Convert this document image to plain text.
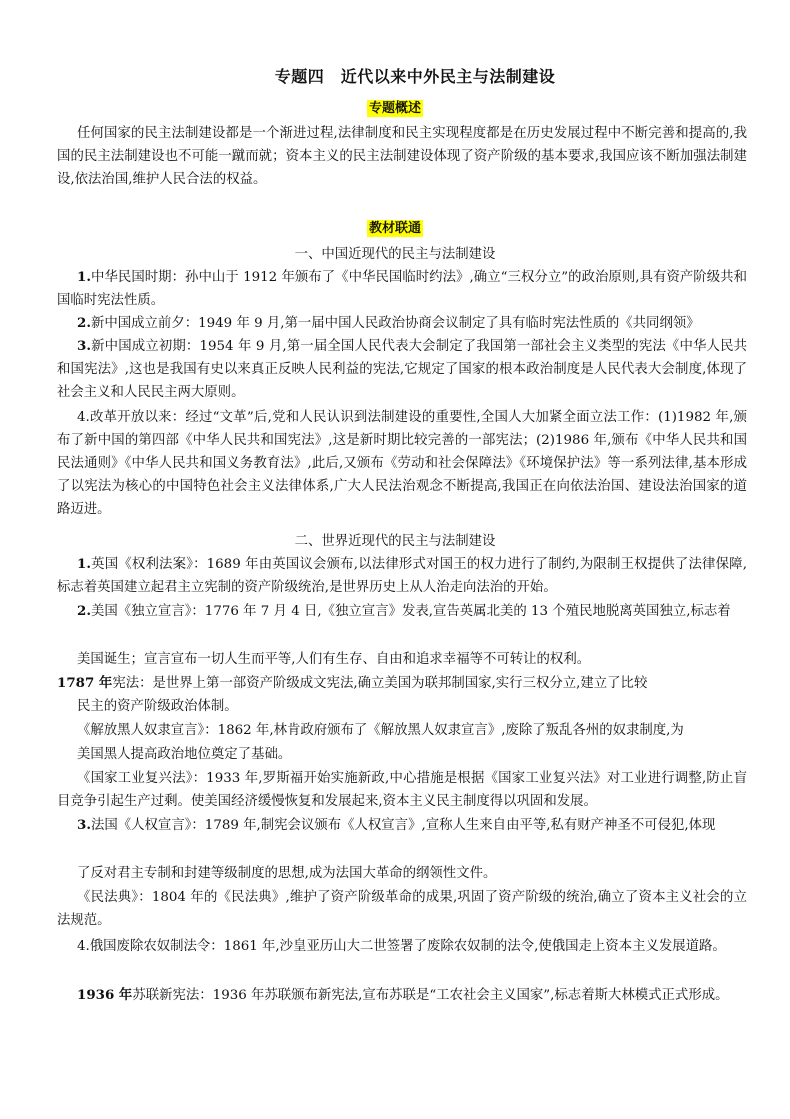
专题四　近代以来中外民主与法制建设
专题概述
任何国家的民主法制建设都是一个渐进过程,法律制度和民主实现程度都是在历史发展过程中不断完善和提高的,我国的民主法制建设也不可能一蹴而就；资本主义的民主法制建设体现了资产阶级的基本要求,我国应该不断加强法制建设,依法治国,维护人民合法的权益。
教材联通
一、中国近现代的民主与法制建设
1.中华民国时期：孙中山于 1912 年颁布了《中华民国临时约法》,确立“三权分立”的政治原则,具有资产阶级共和国临时宪法性质。
2.新中国成立前夕：1949 年 9 月,第一届中国人民政治协商会议制定了具有临时宪法性质的《共同纲领》
3.新中国成立初期：1954 年 9 月,第一届全国人民代表大会制定了我国第一部社会主义类型的宪法《中华人民共和国宪法》,这也是我国有史以来真正反映人民利益的宪法,它规定了国家的根本政治制度是人民代表大会制度,体现了社会主义和人民民主两大原则。
4.改革开放以来：经过“文革”后,党和人民认识到法制建设的重要性,全国人大加紧全面立法工作：(1)1982 年,颁布了新中国的第四部《中华人民共和国宪法》,这是新时期比较完善的一部宪法；(2)1986 年,颁布《中华人民共和国民法通则》《中华人民共和国义务教育法》,此后,又颁布《劳动和社会保障法》《环境保护法》等一系列法律,基本形成了以宪法为核心的中国特色社会主义法律体系,广大人民法治观念不断提高,我国正在向依法治国、建设法治国家的道路迈进。
二、世界近现代的民主与法制建设
1.英国《权利法案》：1689 年由英国议会颁布,以法律形式对国王的权力进行了制约,为限制王权提供了法律保障,标志着英国建立起君主立宪制的资产阶级统治,是世界历史上从人治走向法治的开始。
2.美国《独立宣言》：1776 年 7 月 4 日,《独立宣言》发表,宣告英属北美的 13 个殖民地脱离英国独立,标志着
美国诞生；宣言宣布一切人生而平等,人们有生存、自由和追求幸福等不可转让的权利。
1787 年宪法：是世界上第一部资产阶级成文宪法,确立美国为联邦制国家,实行三权分立,建立了比较
民主的资产阶级政治体制。
《解放黑人奴隶宣言》：1862 年,林肯政府颁布了《解放黑人奴隶宣言》,废除了叛乱各州的奴隶制度,为
美国黑人提高政治地位奠定了基础。
《国家工业复兴法》：1933 年,罗斯福开始实施新政,中心措施是根据《国家工业复兴法》对工业进行调整,防止盲目竞争引起生产过剩。使美国经济缓慢恢复和发展起来,资本主义民主制度得以巩固和发展。
3.法国《人权宣言》：1789 年,制宪会议颁布《人权宣言》,宣称人生来自由平等,私有财产神圣不可侵犯,体现
了反对君主专制和封建等级制度的思想,成为法国大革命的纲领性文件。
《民法典》：1804 年的《民法典》,维护了资产阶级革命的成果,巩固了资产阶级的统治,确立了资本主义社会的立法规范。
4.俄国废除农奴制法令：1861 年,沙皇亚历山大二世签署了废除农奴制的法令,使俄国走上资本主义发展道路。
1936 年苏联新宪法：1936 年苏联颁布新宪法,宣布苏联是“工农社会主义国家”,标志着斯大林模式正式形成。
